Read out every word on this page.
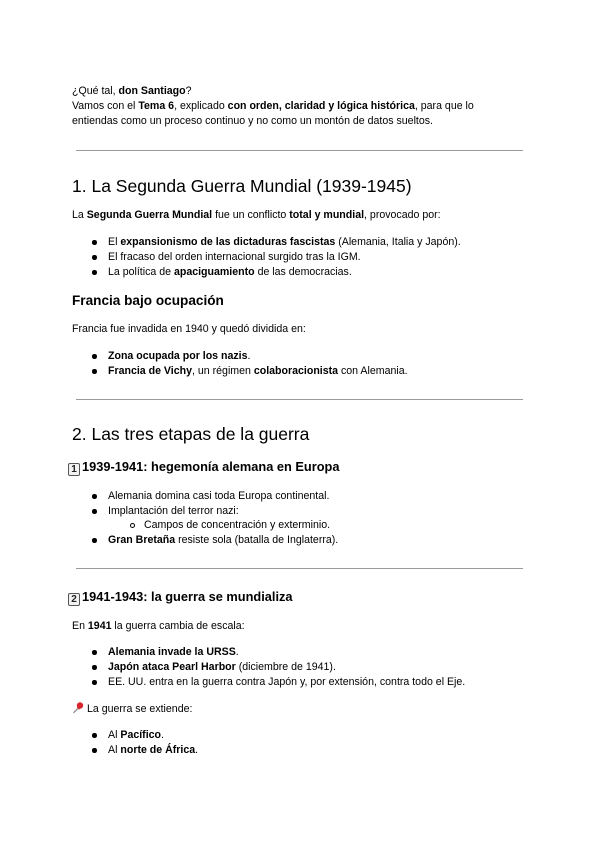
¿Qué tal, don Santiago?
Vamos con el Tema 6, explicado con orden, claridad y lógica histórica, para que lo
entiendas como un proceso continuo y no como un montón de datos sueltos.
1. La Segunda Guerra Mundial (1939-1945)
La Segunda Guerra Mundial fue un conflicto total y mundial, provocado por:
El expansionismo de las dictaduras fascistas (Alemania, Italia y Japón).
El fracaso del orden internacional surgido tras la IGM.
La política de apaciguamiento de las democracias.
Francia bajo ocupación
Francia fue invadida en 1940 y quedó dividida en:
Zona ocupada por los nazis.
Francia de Vichy, un régimen colaboracionista con Alemania.
2. Las tres etapas de la guerra
1 1939-1941: hegemonía alemana en Europa
Alemania domina casi toda Europa continental.
Implantación del terror nazi:
Campos de concentración y exterminio.
Gran Bretaña resiste sola (batalla de Inglaterra).
2 1941-1943: la guerra se mundializa
En 1941 la guerra cambia de escala:
Alemania invade la URSS.
Japón ataca Pearl Harbor (diciembre de 1941).
EE. UU. entra en la guerra contra Japón y, por extensión, contra todo el Eje.
La guerra se extiende:
Al Pacífico.
Al norte de África.
